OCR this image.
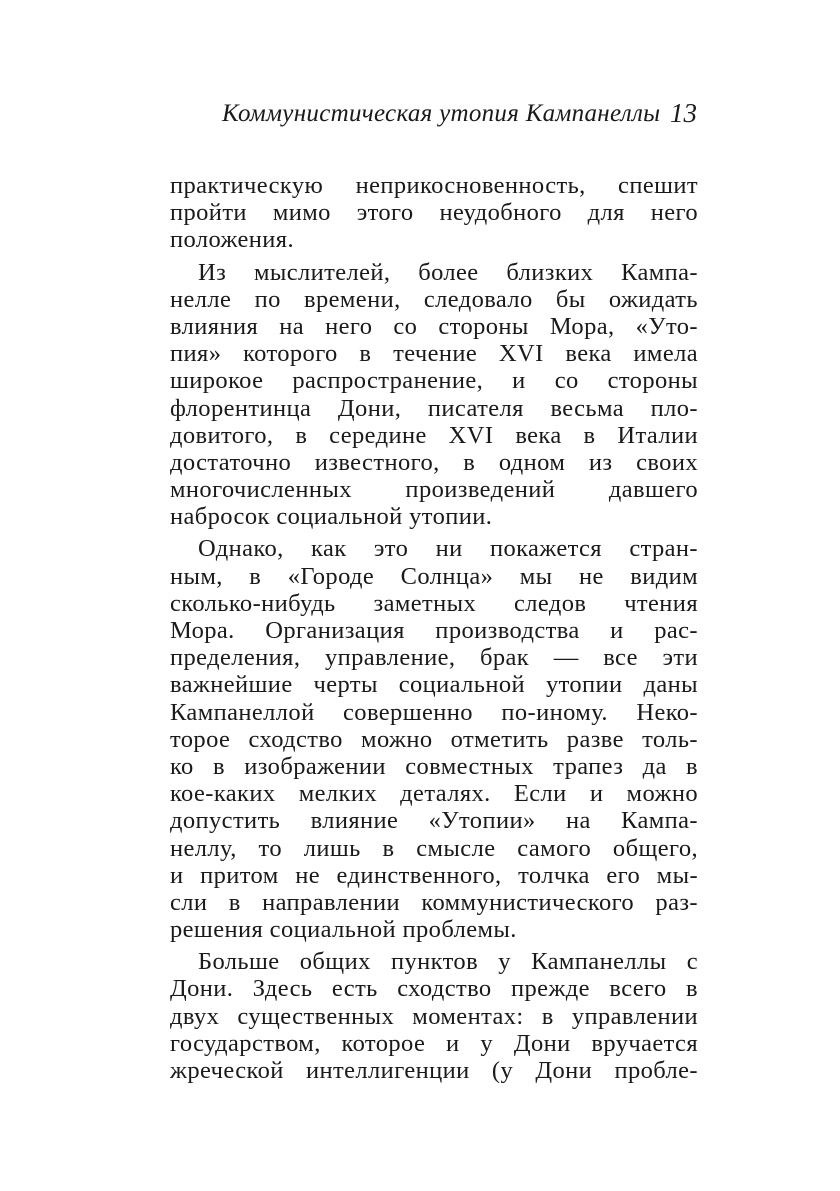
Коммунистическая утопия Кампанеллы 13
практическую неприкосновенность, спешит
пройти мимо этого неудобного для него
положения.
Из мыслителей, более близких Кампа-
нелле по времени, следовало бы ожидать
влияния на него со стороны Мора, «Уто-
пия» которого в течение XVI века имела
широкое распространение, и со стороны
флорентинца Дони, писателя весьма пло-
довитого, в середине XVI века в Италии
достаточно известного, в одном из своих
многочисленных произведений давшего
набросок социальной утопии.
Однако, как это ни покажется стран-
ным, в «Городе Солнца» мы не видим
сколько-нибудь заметных следов чтения
Мора. Организация производства и рас-
пределения, управление, брак — все эти
важнейшие черты социальной утопии даны
Кампанеллой совершенно по-иному. Неко-
торое сходство можно отметить разве толь-
ко в изображении совместных трапез да в
кое-каких мелких деталях. Если и можно
допустить влияние «Утопии» на Кампа-
неллу, то лишь в смысле самого общего,
и притом не единственного, толчка его мы-
сли в направлении коммунистического раз-
решения социальной проблемы.
Больше общих пунктов у Кампанеллы с
Дони. Здесь есть сходство прежде всего в
двух существенных моментах: в управлении
государством, которое и у Дони вручается
жреческой интеллигенции (у Дони пробле-
